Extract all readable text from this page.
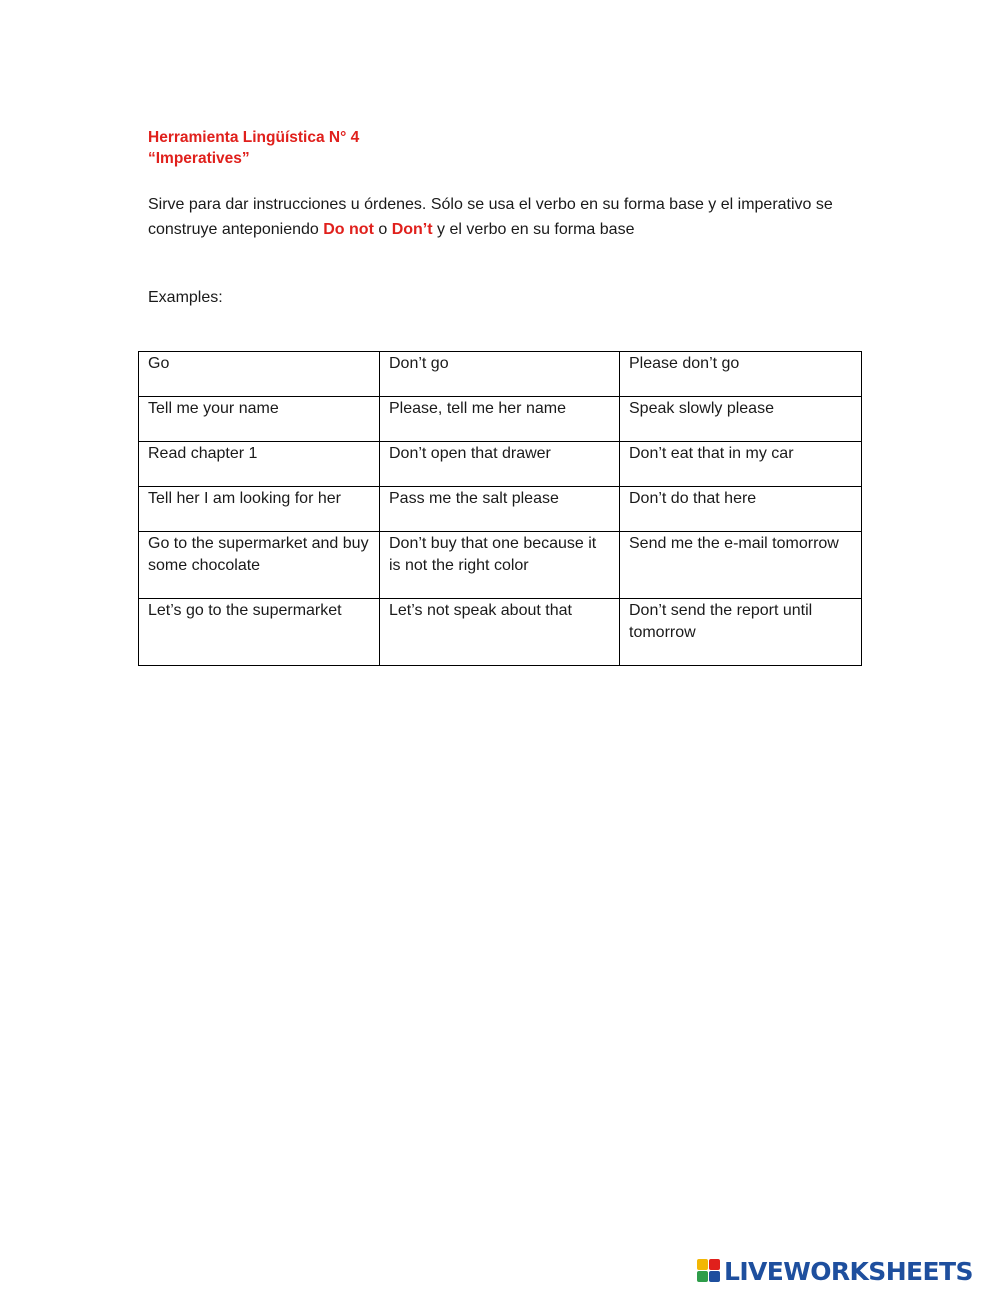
Herramienta Lingüística N° 4
“Imperatives”
Sirve para dar instrucciones u órdenes. Sólo se usa el verbo en su forma base y el imperativo se construye anteponiendo Do not o Don’t y el verbo en su forma base
Examples:
Go	Don’t go	Please don’t go
Tell me your name	Please, tell me her name	Speak slowly please
Read chapter 1	Don’t open that drawer	Don’t eat that in my car
Tell her I am looking for her	Pass me the salt please	Don’t do that here
Go to the supermarket and buy some chocolate	Don’t buy that one because it is not the right color	Send me the e-mail tomorrow
Let’s go to the supermarket	Let’s not speak about that	Don’t send the report until tomorrow
LIVEWORKSHEETS
